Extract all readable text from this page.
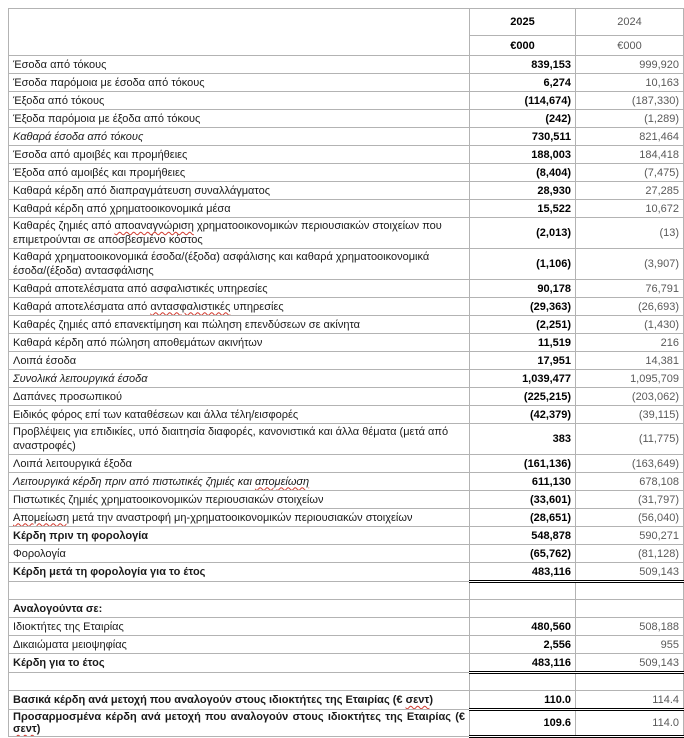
	2025	2024
	€000	€000
Έσοδα από τόκους	839,153	999,920
Έσοδα παρόμοια με έσοδα από τόκους	6,274	10,163
Έξοδα από τόκους	(114,674)	(187,330)
Έξοδα παρόμοια με έξοδα από τόκους	(242)	(1,289)
Καθαρά έσοδα από τόκους	730,511	821,464
Έσοδα από αμοιβές και προμήθειες	188,003	184,418
Έξοδα από αμοιβές και προμήθειες	(8,404)	(7,475)
Καθαρά κέρδη από διαπραγμάτευση συναλλάγματος	28,930	27,285
Καθαρά κέρδη από χρηματοοικονομικά μέσα	15,522	10,672
Καθαρές ζημιές από αποαναγνώριση χρηματοοικονομικών περιουσιακών στοιχείων που επιμετρούνται σε αποσβεσμένο κόστος	(2,013)	(13)
Καθαρά χρηματοοικονομικά έσοδα/(έξοδα) ασφάλισης και καθαρά χρηματοοικονομικά έσοδα/(έξοδα) αντασφάλισης	(1,106)	(3,907)
Καθαρά αποτελέσματα από ασφαλιστικές υπηρεσίες	90,178	76,791
Καθαρά αποτελέσματα από αντασφαλιστικές υπηρεσίες	(29,363)	(26,693)
Καθαρές ζημιές από επανεκτίμηση και πώληση επενδύσεων σε ακίνητα	(2,251)	(1,430)
Καθαρά κέρδη από πώληση αποθεμάτων ακινήτων	11,519	216
Λοιπά έσοδα	17,951	14,381
Συνολικά λειτουργικά έσοδα	1,039,477	1,095,709
Δαπάνες προσωπικού	(225,215)	(203,062)
Ειδικός φόρος επί των καταθέσεων και άλλα τέλη/εισφορές	(42,379)	(39,115)
Προβλέψεις για επιδικίες, υπό διαιτησία διαφορές, κανονιστικά και άλλα θέματα (μετά από αναστροφές)	383	(11,775)
Λοιπά λειτουργικά έξοδα	(161,136)	(163,649)
Λειτουργικά κέρδη πριν από πιστωτικές ζημιές και απομείωση	611,130	678,108
Πιστωτικές ζημιές χρηματοοικονομικών περιουσιακών στοιχείων	(33,601)	(31,797)
Απομείωση μετά την αναστροφή μη-χρηματοοικονομικών περιουσιακών στοιχείων	(28,651)	(56,040)
Κέρδη πριν τη φορολογία	548,878	590,271
Φορολογία	(65,762)	(81,128)
Κέρδη μετά τη φορολογία για το έτος	483,116	509,143

Αναλογούντα σε:		
Ιδιοκτήτες της Εταιρίας	480,560	508,188
Δικαιώματα μειοψηφίας	2,556	955
Κέρδη για το έτος	483,116	509,143

Βασικά κέρδη ανά μετοχή που αναλογούν στους ιδιοκτήτες της Εταιρίας (€ σεντ)	110.0	114.4
Προσαρμοσμένα κέρδη ανά μετοχή που αναλογούν στους ιδιοκτήτες της Εταιρίας (€ σεντ)	109.6	114.0
